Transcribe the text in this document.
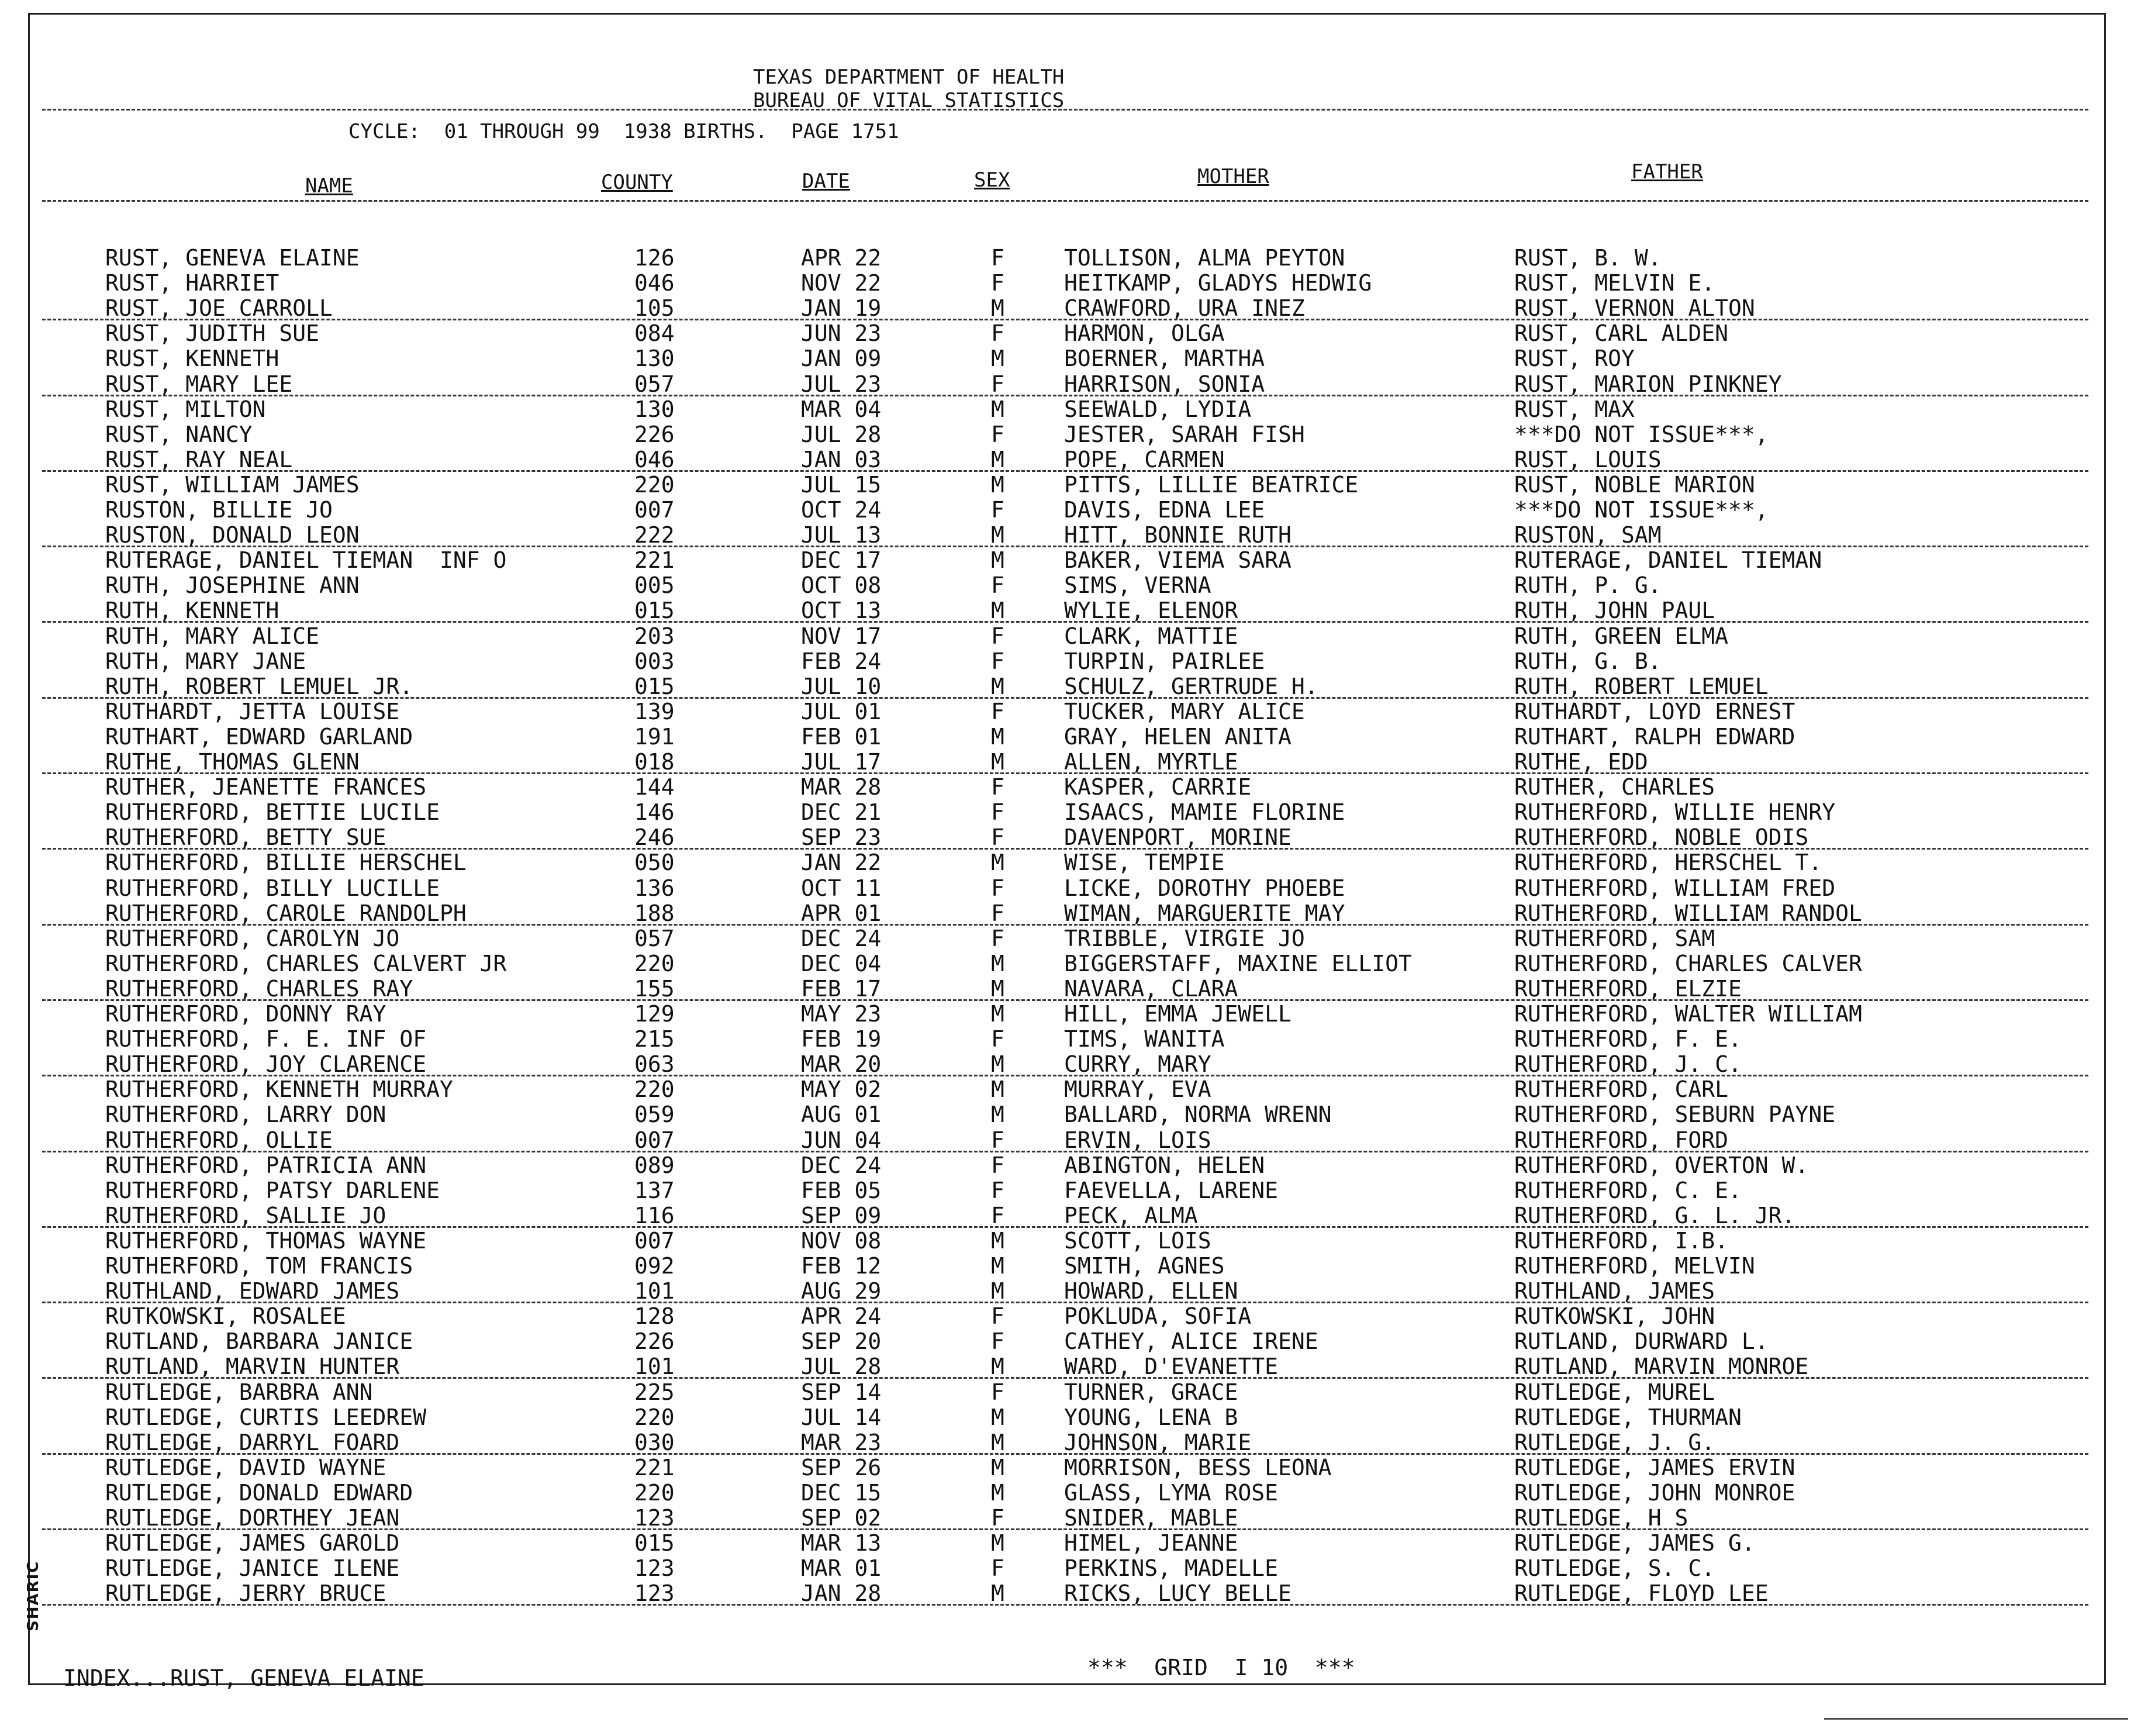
SHARIC
TEXAS DEPARTMENT OF HEALTH
BUREAU OF VITAL STATISTICS
CYCLE:  01 THROUGH 99  1938 BIRTHS.  PAGE 1751
NAME	COUNTY	DATE	SEX	MOTHER	FATHER
RUST, GENEVA ELAINE	126	APR 22	F	TOLLISON, ALMA PEYTON	RUST, B. W.
RUST, HARRIET	046	NOV 22	F	HEITKAMP, GLADYS HEDWIG	RUST, MELVIN E.
RUST, JOE CARROLL	105	JAN 19	M	CRAWFORD, URA INEZ	RUST, VERNON ALTON
RUST, JUDITH SUE	084	JUN 23	F	HARMON, OLGA	RUST, CARL ALDEN
RUST, KENNETH	130	JAN 09	M	BOERNER, MARTHA	RUST, ROY
RUST, MARY LEE	057	JUL 23	F	HARRISON, SONIA	RUST, MARION PINKNEY
RUST, MILTON	130	MAR 04	M	SEEWALD, LYDIA	RUST, MAX
RUST, NANCY	226	JUL 28	F	JESTER, SARAH FISH	***DO NOT ISSUE***,
RUST, RAY NEAL	046	JAN 03	M	POPE, CARMEN	RUST, LOUIS
RUST, WILLIAM JAMES	220	JUL 15	M	PITTS, LILLIE BEATRICE	RUST, NOBLE MARION
RUSTON, BILLIE JO	007	OCT 24	F	DAVIS, EDNA LEE	***DO NOT ISSUE***,
RUSTON, DONALD LEON	222	JUL 13	M	HITT, BONNIE RUTH	RUSTON, SAM
RUTERAGE, DANIEL TIEMAN  INF O	221	DEC 17	M	BAKER, VIEMA SARA	RUTERAGE, DANIEL TIEMAN
RUTH, JOSEPHINE ANN	005	OCT 08	F	SIMS, VERNA	RUTH, P. G.
RUTH, KENNETH	015	OCT 13	M	WYLIE, ELENOR	RUTH, JOHN PAUL
RUTH, MARY ALICE	203	NOV 17	F	CLARK, MATTIE	RUTH, GREEN ELMA
RUTH, MARY JANE	003	FEB 24	F	TURPIN, PAIRLEE	RUTH, G. B.
RUTH, ROBERT LEMUEL JR.	015	JUL 10	M	SCHULZ, GERTRUDE H.	RUTH, ROBERT LEMUEL
RUTHARDT, JETTA LOUISE	139	JUL 01	F	TUCKER, MARY ALICE	RUTHARDT, LOYD ERNEST
RUTHART, EDWARD GARLAND	191	FEB 01	M	GRAY, HELEN ANITA	RUTHART, RALPH EDWARD
RUTHE, THOMAS GLENN	018	JUL 17	M	ALLEN, MYRTLE	RUTHE, EDD
RUTHER, JEANETTE FRANCES	144	MAR 28	F	KASPER, CARRIE	RUTHER, CHARLES
RUTHERFORD, BETTIE LUCILE	146	DEC 21	F	ISAACS, MAMIE FLORINE	RUTHERFORD, WILLIE HENRY
RUTHERFORD, BETTY SUE	246	SEP 23	F	DAVENPORT, MORINE	RUTHERFORD, NOBLE ODIS
RUTHERFORD, BILLIE HERSCHEL	050	JAN 22	M	WISE, TEMPIE	RUTHERFORD, HERSCHEL T.
RUTHERFORD, BILLY LUCILLE	136	OCT 11	F	LICKE, DOROTHY PHOEBE	RUTHERFORD, WILLIAM FRED
RUTHERFORD, CAROLE RANDOLPH	188	APR 01	F	WIMAN, MARGUERITE MAY	RUTHERFORD, WILLIAM RANDOL
RUTHERFORD, CAROLYN JO	057	DEC 24	F	TRIBBLE, VIRGIE JO	RUTHERFORD, SAM
RUTHERFORD, CHARLES CALVERT JR	220	DEC 04	M	BIGGERSTAFF, MAXINE ELLIOT	RUTHERFORD, CHARLES CALVER
RUTHERFORD, CHARLES RAY	155	FEB 17	M	NAVARA, CLARA	RUTHERFORD, ELZIE
RUTHERFORD, DONNY RAY	129	MAY 23	M	HILL, EMMA JEWELL	RUTHERFORD, WALTER WILLIAM
RUTHERFORD, F. E. INF OF	215	FEB 19	F	TIMS, WANITA	RUTHERFORD, F. E.
RUTHERFORD, JOY CLARENCE	063	MAR 20	M	CURRY, MARY	RUTHERFORD, J. C.
RUTHERFORD, KENNETH MURRAY	220	MAY 02	M	MURRAY, EVA	RUTHERFORD, CARL
RUTHERFORD, LARRY DON	059	AUG 01	M	BALLARD, NORMA WRENN	RUTHERFORD, SEBURN PAYNE
RUTHERFORD, OLLIE	007	JUN 04	F	ERVIN, LOIS	RUTHERFORD, FORD
RUTHERFORD, PATRICIA ANN	089	DEC 24	F	ABINGTON, HELEN	RUTHERFORD, OVERTON W.
RUTHERFORD, PATSY DARLENE	137	FEB 05	F	FAEVELLA, LARENE	RUTHERFORD, C. E.
RUTHERFORD, SALLIE JO	116	SEP 09	F	PECK, ALMA	RUTHERFORD, G. L. JR.
RUTHERFORD, THOMAS WAYNE	007	NOV 08	M	SCOTT, LOIS	RUTHERFORD, I.B.
RUTHERFORD, TOM FRANCIS	092	FEB 12	M	SMITH, AGNES	RUTHERFORD, MELVIN
RUTHLAND, EDWARD JAMES	101	AUG 29	M	HOWARD, ELLEN	RUTHLAND, JAMES
RUTKOWSKI, ROSALEE	128	APR 24	F	POKLUDA, SOFIA	RUTKOWSKI, JOHN
RUTLAND, BARBARA JANICE	226	SEP 20	F	CATHEY, ALICE IRENE	RUTLAND, DURWARD L.
RUTLAND, MARVIN HUNTER	101	JUL 28	M	WARD, D'EVANETTE	RUTLAND, MARVIN MONROE
RUTLEDGE, BARBRA ANN	225	SEP 14	F	TURNER, GRACE	RUTLEDGE, MUREL
RUTLEDGE, CURTIS LEEDREW	220	JUL 14	M	YOUNG, LENA B	RUTLEDGE, THURMAN
RUTLEDGE, DARRYL FOARD	030	MAR 23	M	JOHNSON, MARIE	RUTLEDGE, J. G.
RUTLEDGE, DAVID WAYNE	221	SEP 26	M	MORRISON, BESS LEONA	RUTLEDGE, JAMES ERVIN
RUTLEDGE, DONALD EDWARD	220	DEC 15	M	GLASS, LYMA ROSE	RUTLEDGE, JOHN MONROE
RUTLEDGE, DORTHEY JEAN	123	SEP 02	F	SNIDER, MABLE	RUTLEDGE, H S
RUTLEDGE, JAMES GAROLD	015	MAR 13	M	HIMEL, JEANNE	RUTLEDGE, JAMES G.
RUTLEDGE, JANICE ILENE	123	MAR 01	F	PERKINS, MADELLE	RUTLEDGE, S. C.
RUTLEDGE, JERRY BRUCE	123	JAN 28	M	RICKS, LUCY BELLE	RUTLEDGE, FLOYD LEE
INDEX...RUST, GENEVA ELAINE	***  GRID  I 10  ***
